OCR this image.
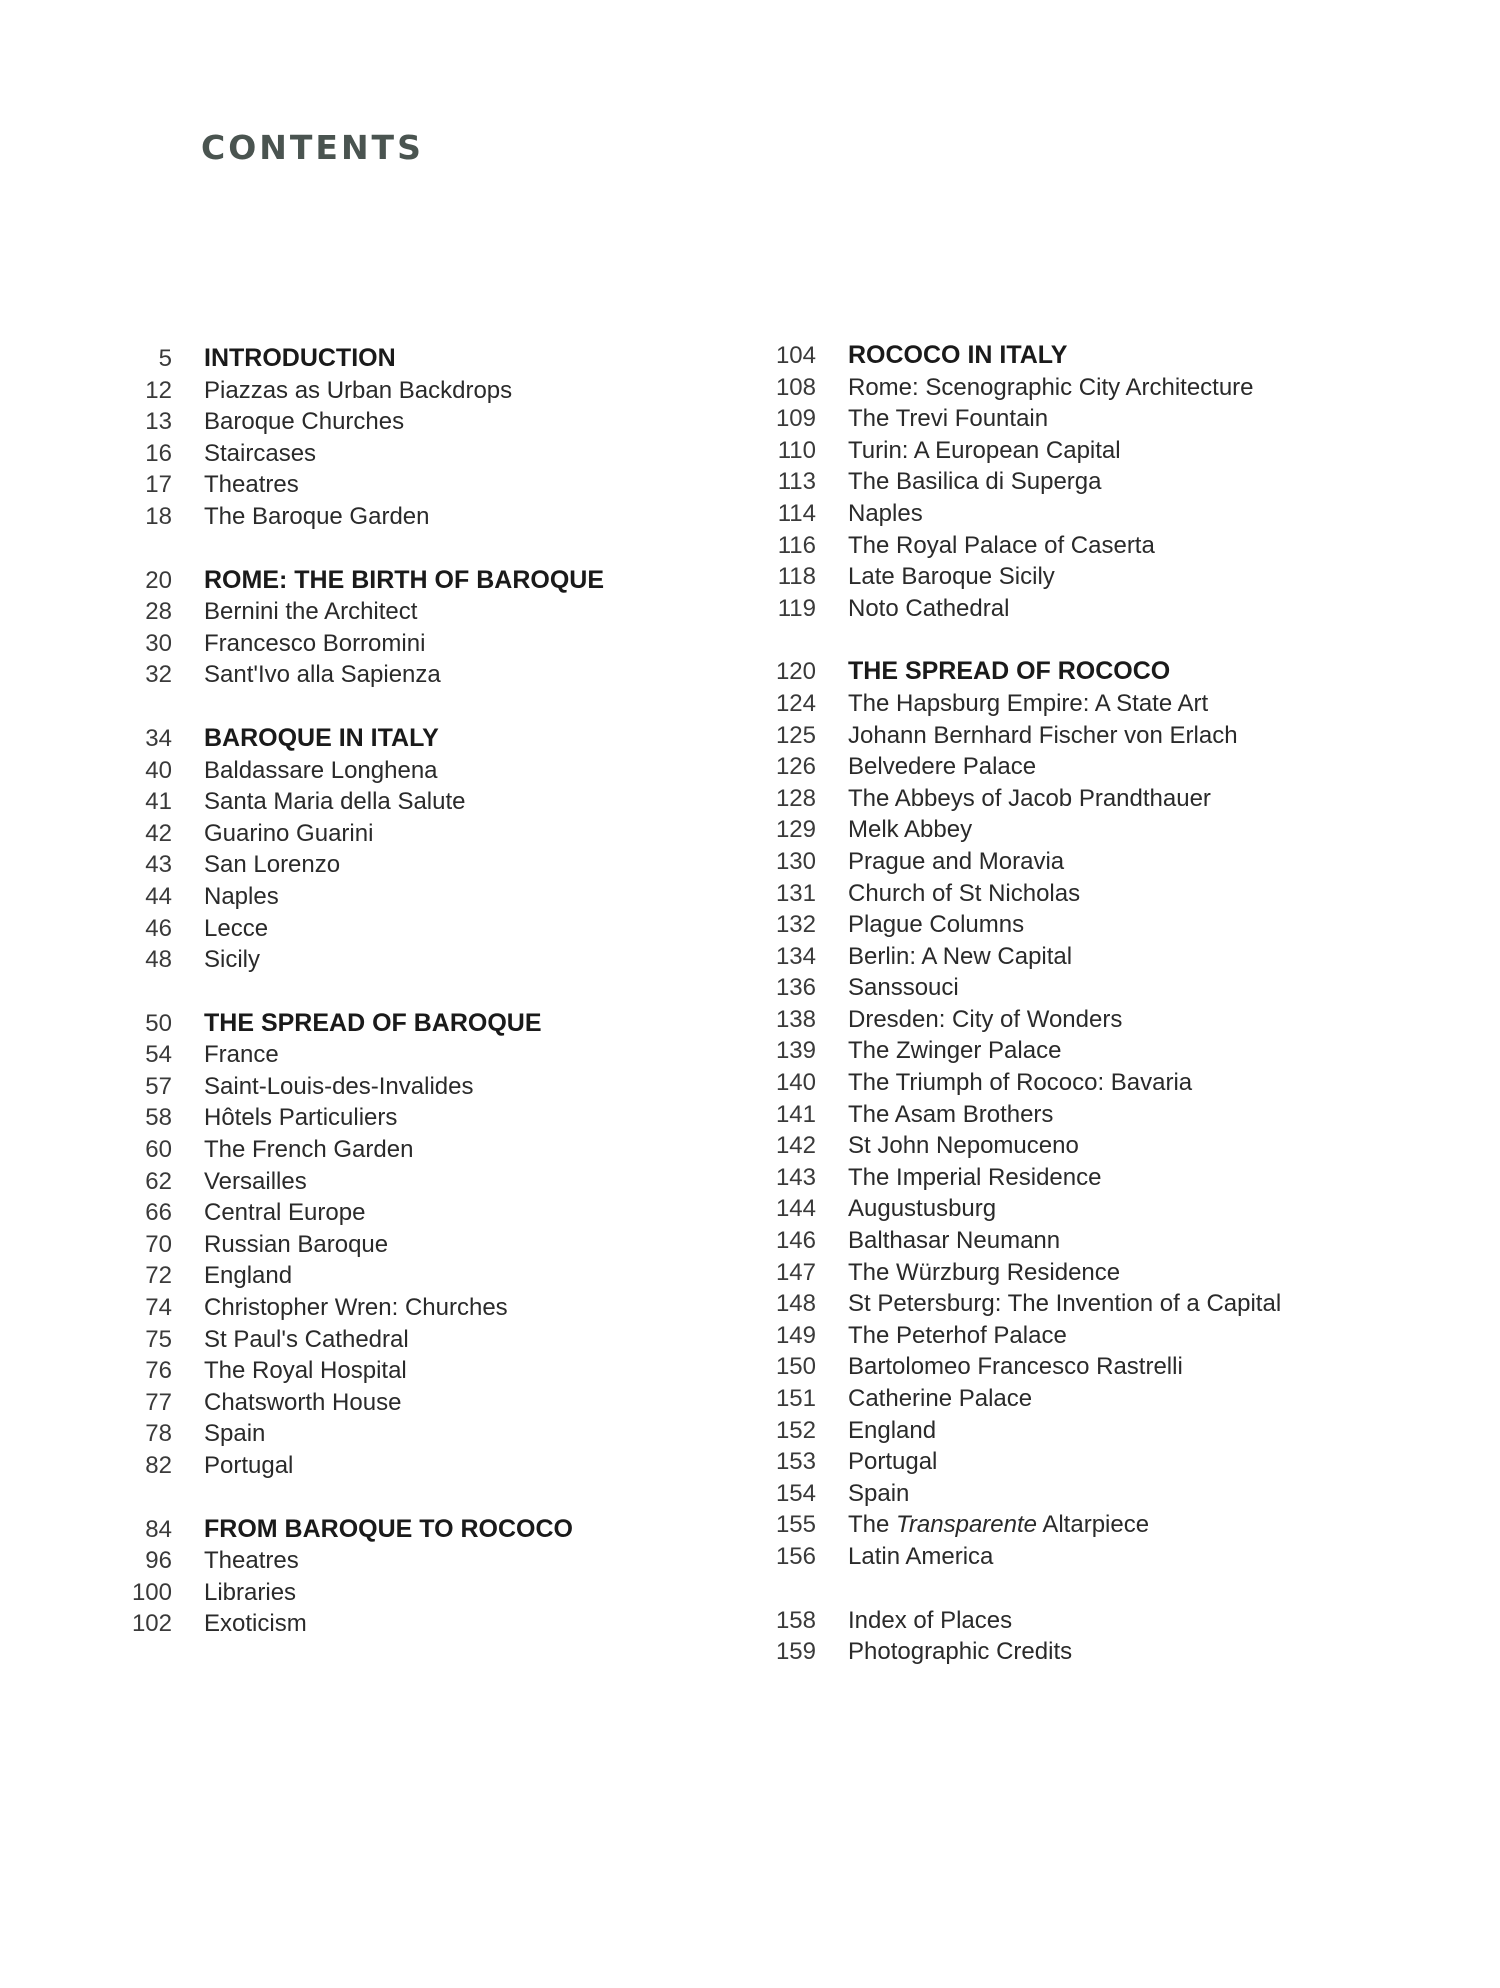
CONTENTS
5 INTRODUCTION
12 Piazzas as Urban Backdrops
13 Baroque Churches
16 Staircases
17 Theatres
18 The Baroque Garden
20 ROME: THE BIRTH OF BAROQUE
28 Bernini the Architect
30 Francesco Borromini
32 Sant'Ivo alla Sapienza
34 BAROQUE IN ITALY
40 Baldassare Longhena
41 Santa Maria della Salute
42 Guarino Guarini
43 San Lorenzo
44 Naples
46 Lecce
48 Sicily
50 THE SPREAD OF BAROQUE
54 France
57 Saint-Louis-des-Invalides
58 Hôtels Particuliers
60 The French Garden
62 Versailles
66 Central Europe
70 Russian Baroque
72 England
74 Christopher Wren: Churches
75 St Paul's Cathedral
76 The Royal Hospital
77 Chatsworth House
78 Spain
82 Portugal
84 FROM BAROQUE TO ROCOCO
96 Theatres
100 Libraries
102 Exoticism
104 ROCOCO IN ITALY
108 Rome: Scenographic City Architecture
109 The Trevi Fountain
110 Turin: A European Capital
113 The Basilica di Superga
114 Naples
116 The Royal Palace of Caserta
118 Late Baroque Sicily
119 Noto Cathedral
120 THE SPREAD OF ROCOCO
124 The Hapsburg Empire: A State Art
125 Johann Bernhard Fischer von Erlach
126 Belvedere Palace
128 The Abbeys of Jacob Prandthauer
129 Melk Abbey
130 Prague and Moravia
131 Church of St Nicholas
132 Plague Columns
134 Berlin: A New Capital
136 Sanssouci
138 Dresden: City of Wonders
139 The Zwinger Palace
140 The Triumph of Rococo: Bavaria
141 The Asam Brothers
142 St John Nepomuceno
143 The Imperial Residence
144 Augustusburg
146 Balthasar Neumann
147 The Würzburg Residence
148 St Petersburg: The Invention of a Capital
149 The Peterhof Palace
150 Bartolomeo Francesco Rastrelli
151 Catherine Palace
152 England
153 Portugal
154 Spain
155 The Transparente Altarpiece
156 Latin America
158 Index of Places
159 Photographic Credits
